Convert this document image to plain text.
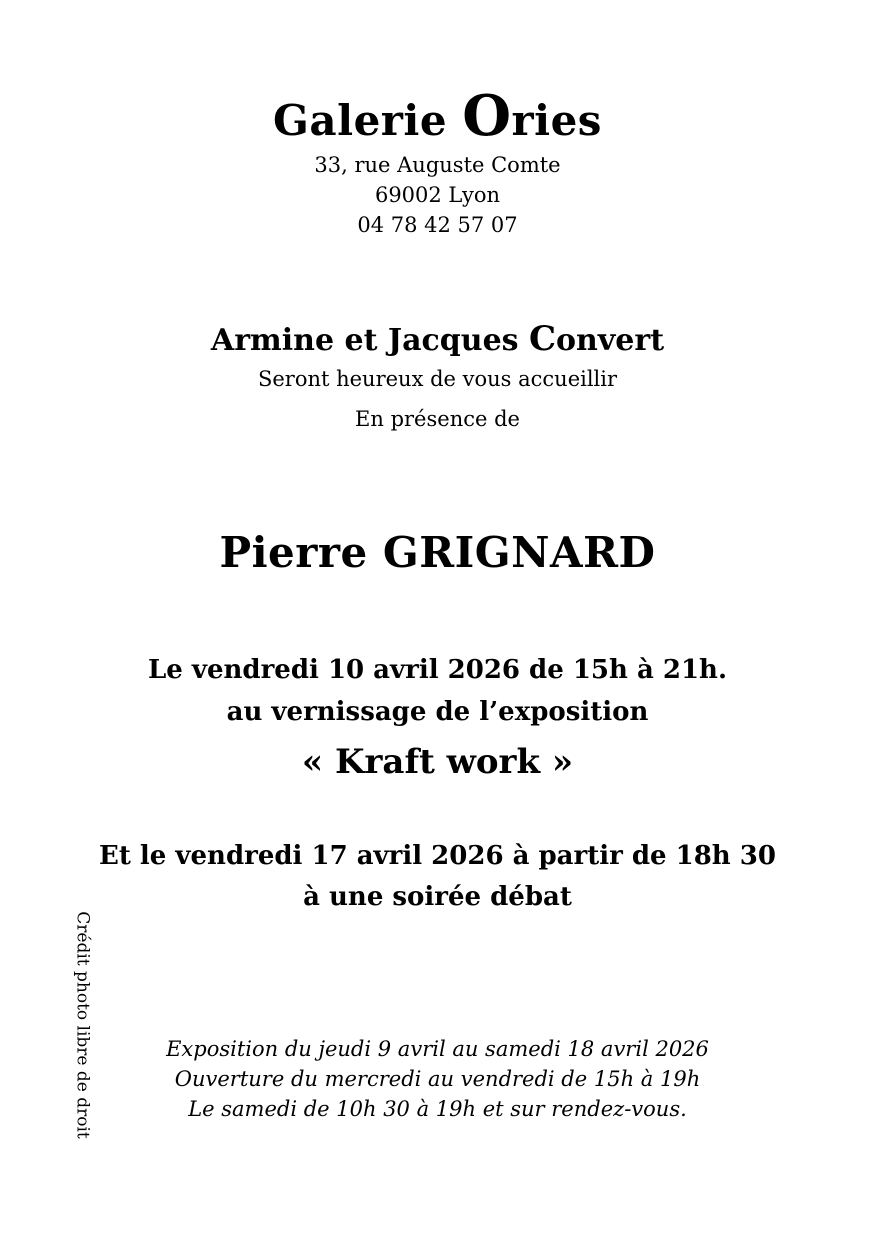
Galerie Ories
33, rue Auguste Comte
69002 Lyon
04 78 42 57 07
Armine et Jacques Convert
Seront heureux de vous accueillir
En présence de
Pierre GRIGNARD
Le vendredi 10 avril 2026 de 15h à 21h.
au vernissage de l’exposition
« Kraft work »
Et le vendredi 17 avril 2026 à partir de 18h 30
à une soirée débat
Exposition du jeudi 9 avril au samedi 18 avril 2026
Ouverture du mercredi au vendredi de 15h à 19h
Le samedi de 10h 30 à 19h et sur rendez-vous.
Crédit photo libre de droit
